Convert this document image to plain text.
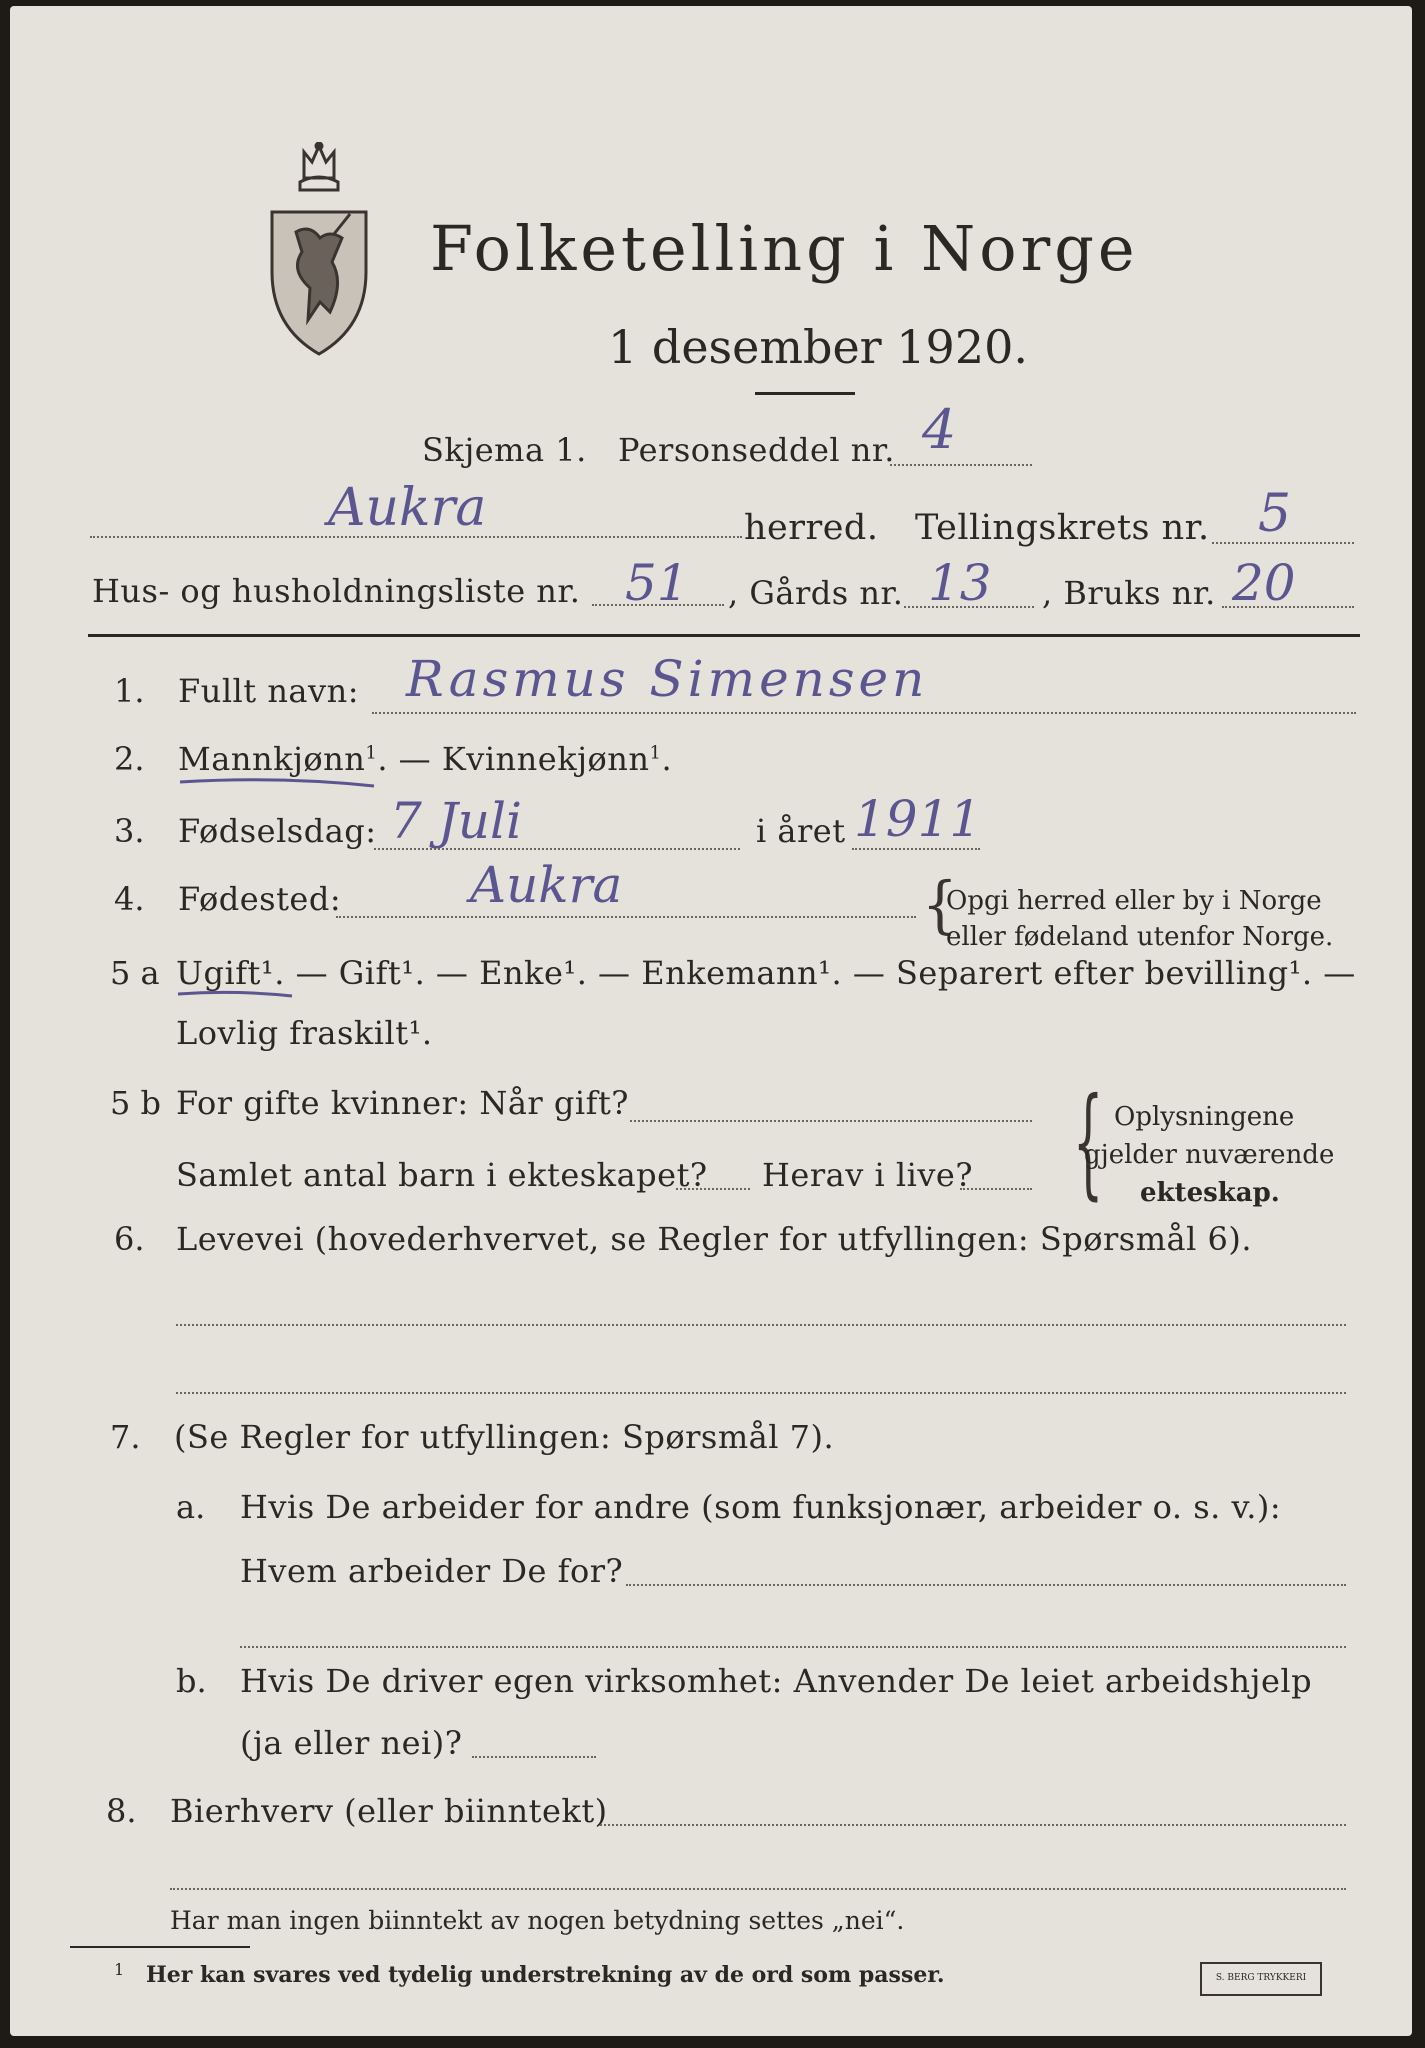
Folketelling i Norge
1 desember 1920.
Skjema 1. Personseddel nr. 4
Aukra	herred. Tellingskrets nr. 5
Hus- og husholdningsliste nr. 51 , Gårds nr. 13 , Bruks nr. 20
1. Fullt navn: Rasmus Simensen
2. Mannkjønn$^1$. — Kvinnekjønn$^1$.
3. Fødselsdag: 7 Juli	i året 1911
4. Fødested:	Aukra	{
Opgi herred eller by i Norge
eller fødeland utenfor Norge.
5 a Ugift¹. — Gift¹. — Enke¹. — Enkemann¹. — Separert efter bevilling¹. —
Lovlig fraskilt¹.
5 b For gifte kvinner: Når gift?
Samlet antal barn i ekteskapet? Herav i live? { Oplysningene
gjelder nuværende
ekteskap.
6. Levevei (hovederhvervet, se Regler for utfyllingen: Spørsmål 6).
7. (Se Regler for utfyllingen: Spørsmål 7).
a. Hvis De arbeider for andre (som funksjonær, arbeider o. s. v.):
Hvem arbeider De for?
b. Hvis De driver egen virksomhet: Anvender De leiet arbeidshjelp
(ja eller nei)?
8. Bierhverv (eller biinntekt)
Har man ingen biinntekt av nogen betydning settes „nei“.
1 Her kan svares ved tydelig understrekning av de ord som passer.	S. BERG TRYKKERI
